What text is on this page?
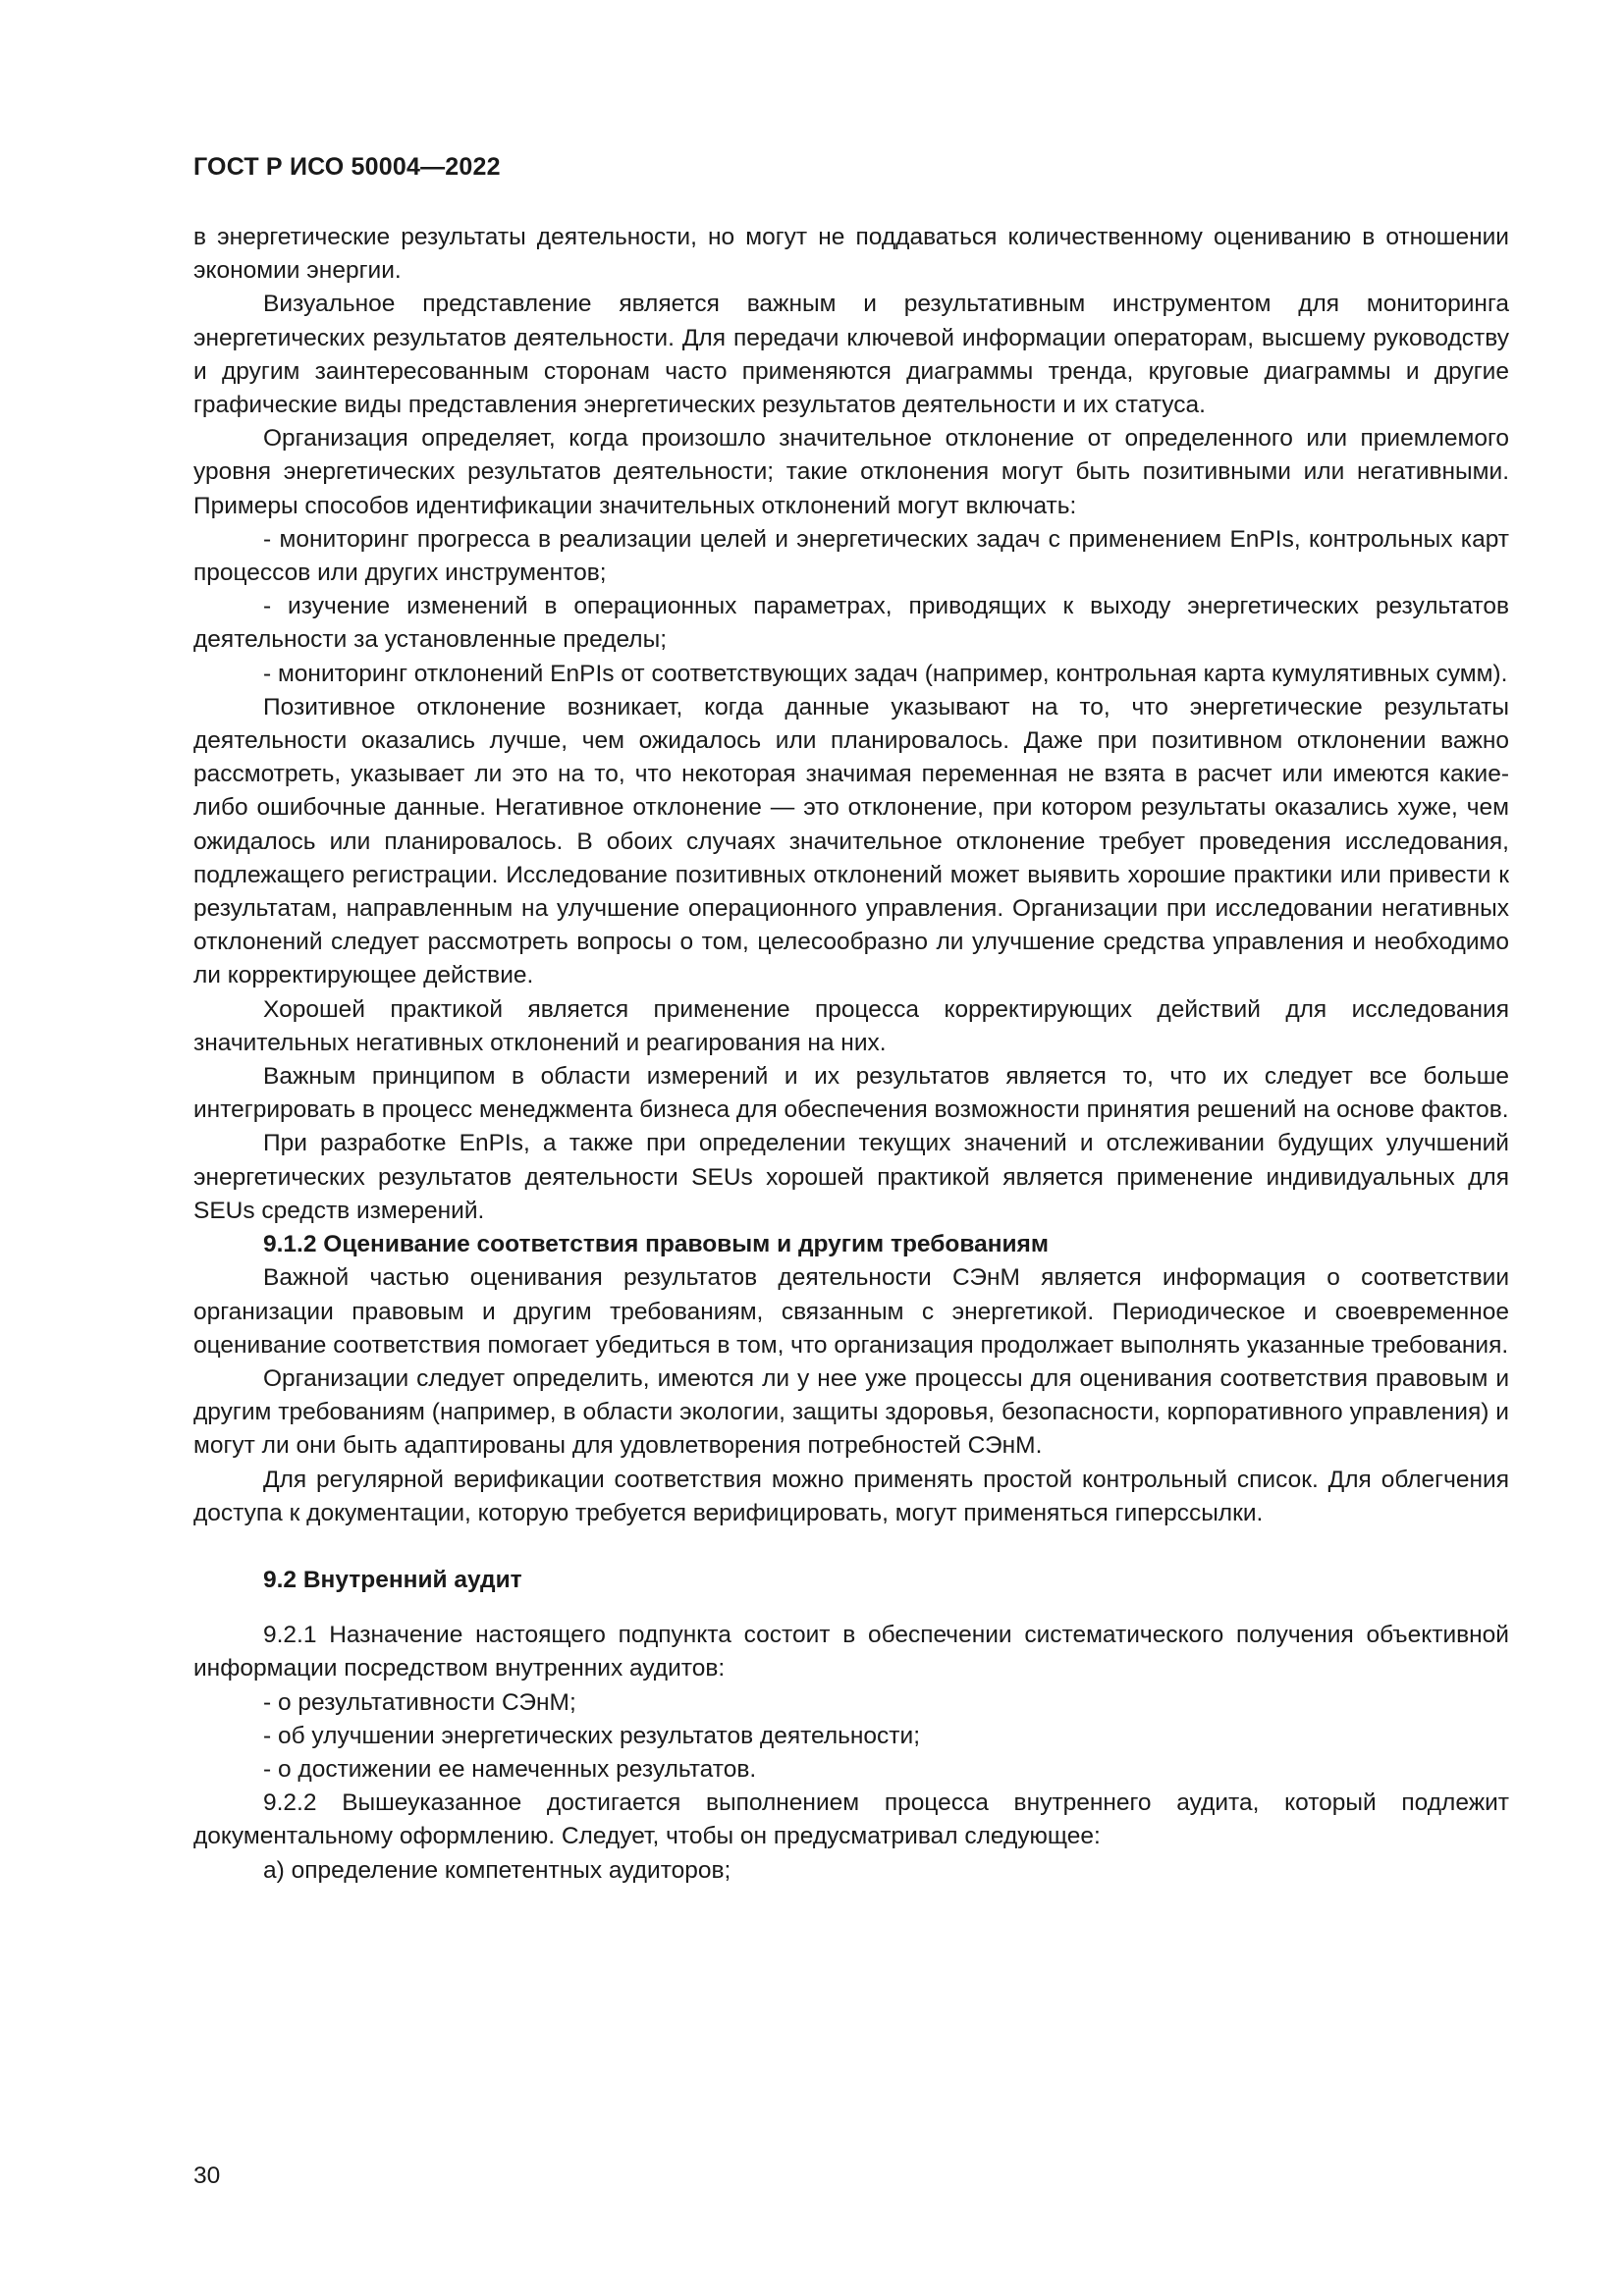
ГОСТ Р ИСО 50004—2022

в энергетические результаты деятельности, но могут не поддаваться количественному оцениванию в отношении экономии энергии.

Визуальное представление является важным и результативным инструментом для мониторинга энергетических результатов деятельности. Для передачи ключевой информации операторам, высшему руководству и другим заинтересованным сторонам часто применяются диаграммы тренда, круговые диаграммы и другие графические виды представления энергетических результатов деятельности и их статуса.

Организация определяет, когда произошло значительное отклонение от определенного или приемлемого уровня энергетических результатов деятельности; такие отклонения могут быть позитивными или негативными. Примеры способов идентификации значительных отклонений могут включать:

- мониторинг прогресса в реализации целей и энергетических задач с применением EnPIs, контрольных карт процессов или других инструментов;

- изучение изменений в операционных параметрах, приводящих к выходу энергетических результатов деятельности за установленные пределы;

- мониторинг отклонений EnPIs от соответствующих задач (например, контрольная карта кумулятивных сумм).

Позитивное отклонение возникает, когда данные указывают на то, что энергетические результаты деятельности оказались лучше, чем ожидалось или планировалось. Даже при позитивном отклонении важно рассмотреть, указывает ли это на то, что некоторая значимая переменная не взята в расчет или имеются какие-либо ошибочные данные. Негативное отклонение — это отклонение, при котором результаты оказались хуже, чем ожидалось или планировалось. В обоих случаях значительное отклонение требует проведения исследования, подлежащего регистрации. Исследование позитивных отклонений может выявить хорошие практики или привести к результатам, направленным на улучшение операционного управления. Организации при исследовании негативных отклонений следует рассмотреть вопросы о том, целесообразно ли улучшение средства управления и необходимо ли корректирующее действие.

Хорошей практикой является применение процесса корректирующих действий для исследования значительных негативных отклонений и реагирования на них.

Важным принципом в области измерений и их результатов является то, что их следует все больше интегрировать в процесс менеджмента бизнеса для обеспечения возможности принятия решений на основе фактов.

При разработке EnPIs, а также при определении текущих значений и отслеживании будущих улучшений энергетических результатов деятельности SEUs хорошей практикой является применение индивидуальных для SEUs средств измерений.

9.1.2 Оценивание соответствия правовым и другим требованиям

Важной частью оценивания результатов деятельности СЭнМ является информация о соответствии организации правовым и другим требованиям, связанным с энергетикой. Периодическое и своевременное оценивание соответствия помогает убедиться в том, что организация продолжает выполнять указанные требования.

Организации следует определить, имеются ли у нее уже процессы для оценивания соответствия правовым и другим требованиям (например, в области экологии, защиты здоровья, безопасности, корпоративного управления) и могут ли они быть адаптированы для удовлетворения потребностей СЭнМ.

Для регулярной верификации соответствия можно применять простой контрольный список. Для облегчения доступа к документации, которую требуется верифицировать, могут применяться гиперссылки.

9.2 Внутренний аудит

9.2.1 Назначение настоящего подпункта состоит в обеспечении систематического получения объективной информации посредством внутренних аудитов:

- о результативности СЭнМ;

- об улучшении энергетических результатов деятельности;

- о достижении ее намеченных результатов.

9.2.2 Вышеуказанное достигается выполнением процесса внутреннего аудита, который подлежит документальному оформлению. Следует, чтобы он предусматривал следующее:

а) определение компетентных аудиторов;

30
